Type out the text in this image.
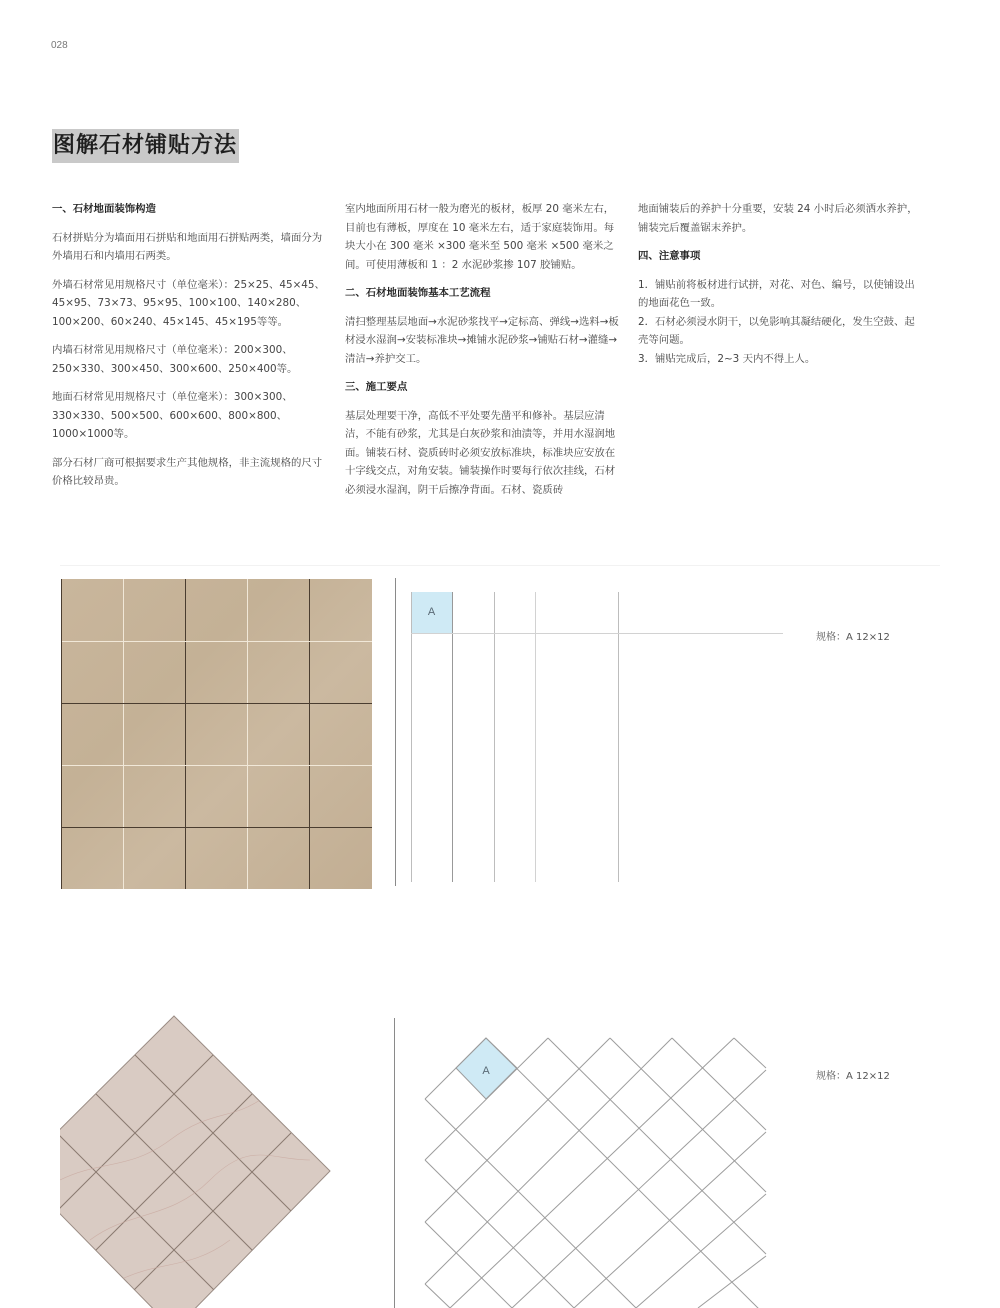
028
图解石材铺贴方法
一、石材地面装饰构造

石材拼贴分为墙面用石拼贴和地面用石拼贴两类，墙面分为外墙用石和内墙用石两类。

外墙石材常见用规格尺寸（单位毫米）：25×25、45×45、45×95、73×73、95×95、100×100、140×280、100×200、60×240、45×145、45×195等等。

内墙石材常见用规格尺寸（单位毫米）：200×300、250×330、300×450、300×600、250×400等。

地面石材常见用规格尺寸（单位毫米）：300×300、330×330、500×500、600×600、800×800、1000×1000等。

部分石材厂商可根据要求生产其他规格，非主流规格的尺寸价格比较昂贵。

室内地面所用石材一般为磨光的板材，板厚 20 毫米左右，目前也有薄板，厚度在 10 毫米左右，适于家庭装饰用。每块大小在 300 毫米 ×300 毫米至 500 毫米 ×500 毫米之间。可使用薄板和 1 ：2 水泥砂浆掺 107 胶铺贴。

二、石材地面装饰基本工艺流程

清扫整理基层地面→水泥砂浆找平→定标高、弹线→选料→板材浸水湿润→安装标准块→摊铺水泥砂浆→铺贴石材→灌缝→清洁→养护交工。

三、施工要点

基层处理要干净，高低不平处要先凿平和修补。基层应清洁，不能有砂浆，尤其是白灰砂浆和油渍等，并用水湿润地面。铺装石材、瓷质砖时必须安放标准块，标准块应安放在十字线交点，对角安装。铺装操作时要每行依次挂线，石材必须浸水湿润，阴干后擦净背面。石材、瓷质砖

地面铺装后的养护十分重要，安装 24 小时后必须洒水养护，铺装完后覆盖锯末养护。

四、注意事项

1．铺贴前将板材进行试拼，对花、对色、编号，以使铺设出的地面花色一致。

2．石材必须浸水阴干，以免影响其凝结硬化，发生空鼓、起壳等问题。

3．铺贴完成后，2~3 天内不得上人。

A
规格：A 12×12
A	规格：A 12×12
